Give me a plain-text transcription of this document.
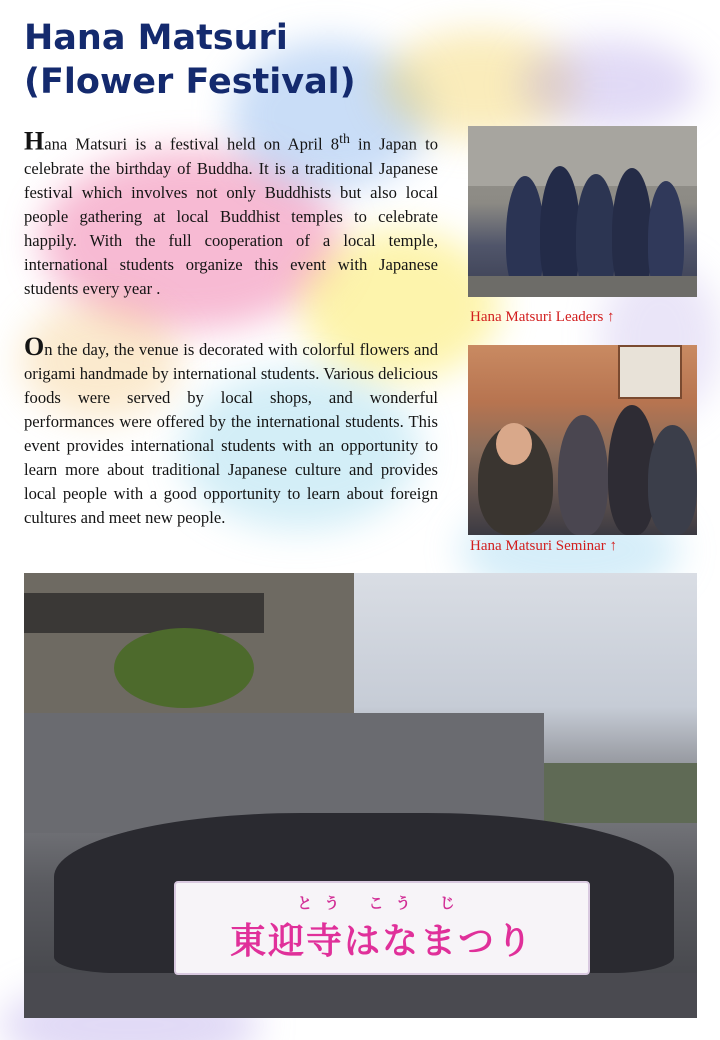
Hana Matsuri
(Flower Festival)

Hana Matsuri is a festival held on April 8th in Japan to celebrate the birthday of Buddha. It is a traditional Japanese festival which involves not only Buddhists but also local people gathering at local Buddhist temples to celebrate happily. With the full cooperation of a local temple, international students organize this event with Japanese students every year .

On the day, the venue is decorated with colorful flowers and origami handmade by international students. Various delicious foods were served by local shops, and wonderful performances were offered by the international students. This event provides international students with an opportunity to learn more about traditional Japanese culture and provides local people with a good opportunity to learn about foreign cultures and meet new people.

Hana Matsuri Leaders ↑

Hana Matsuri Seminar ↑

とう こう じ
東迎寺はなまつり
